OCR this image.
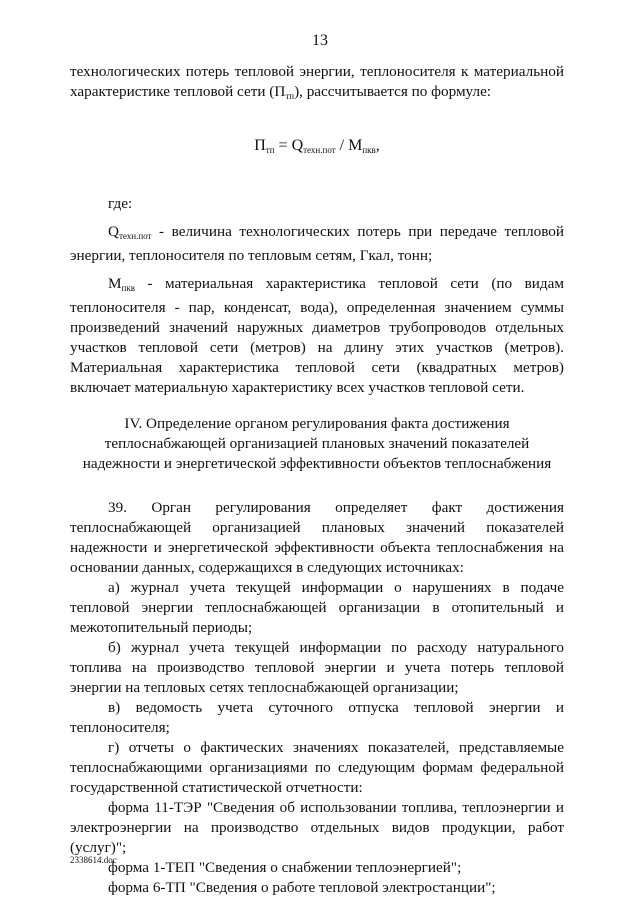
13

технологических потерь тепловой энергии, теплоносителя к материальной характеристике тепловой сети $(П_{тп})$, рассчитывается по формуле:

$П_{тп} = Q_{техн.пот} / М_{пкв}$,

где:

$Q_{техн.пот}$ - величина технологических потерь при передаче тепловой энергии, теплоносителя по тепловым сетям, Гкал, тонн;

$М_{пкв}$ - материальная характеристика тепловой сети (по видам теплоносителя - пар, конденсат, вода), определенная значением суммы произведений значений наружных диаметров трубопроводов отдельных участков тепловой сети (метров) на длину этих участков (метров). Материальная характеристика тепловой сети (квадратных метров) включает материальную характеристику всех участков тепловой сети.

IV. Определение органом регулирования факта достижения
теплоснабжающей организацией плановых значений показателей
надежности и энергетической эффективности объектов теплоснабжения

39. Орган регулирования определяет факт достижения теплоснабжающей организацией плановых значений показателей надежности и энергетической эффективности объекта теплоснабжения на основании данных, содержащихся в следующих источниках:

а) журнал учета текущей информации о нарушениях в подаче тепловой энергии теплоснабжающей организации в отопительный и межотопительный периоды;

б) журнал учета текущей информации по расходу натурального топлива на производство тепловой энергии и учета потерь тепловой энергии на тепловых сетях теплоснабжающей организации;

в) ведомость учета суточного отпуска тепловой энергии и теплоносителя;

г) отчеты о фактических значениях показателей, представляемые теплоснабжающими организациями по следующим формам федеральной государственной статистической отчетности:

форма 11-ТЭР "Сведения об использовании топлива, теплоэнергии и электроэнергии на производство отдельных видов продукции, работ (услуг)";

форма 1-ТЕП "Сведения о снабжении теплоэнергией";

форма 6-ТП "Сведения о работе тепловой электростанции";

2338614.doc
